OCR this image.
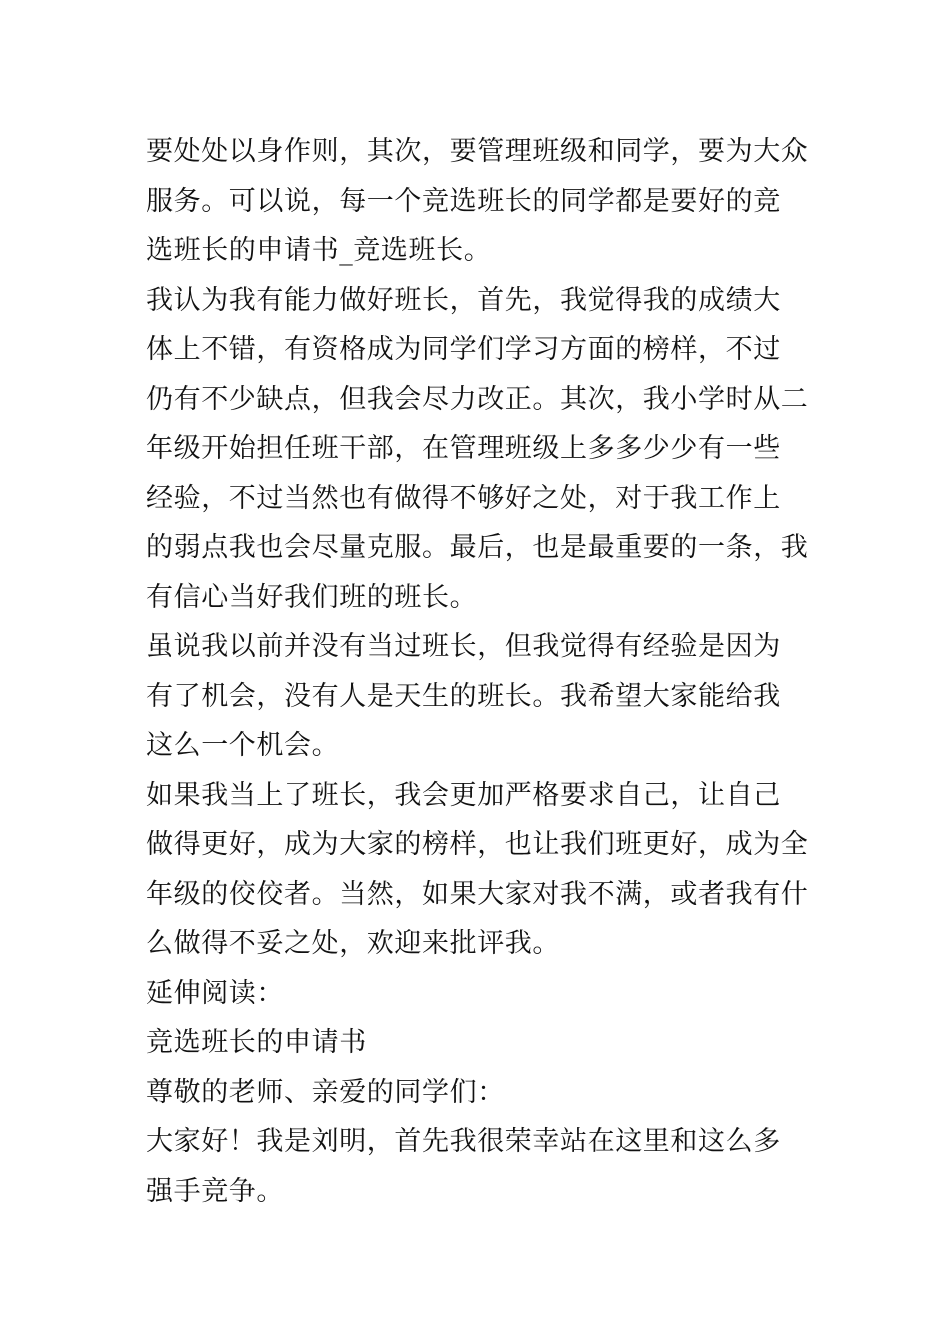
要处处以身作则，其次，要管理班级和同学，要为大众
服务。可以说，每一个竞选班长的同学都是要好的竞
选班长的申请书_竞选班长。
我认为我有能力做好班长，首先，我觉得我的成绩大
体上不错，有资格成为同学们学习方面的榜样，不过
仍有不少缺点，但我会尽力改正。其次，我小学时从二
年级开始担任班干部，在管理班级上多多少少有一些
经验，不过当然也有做得不够好之处，对于我工作上
的弱点我也会尽量克服。最后，也是最重要的一条，我
有信心当好我们班的班长。
虽说我以前并没有当过班长，但我觉得有经验是因为
有了机会，没有人是天生的班长。我希望大家能给我
这么一个机会。
如果我当上了班长，我会更加严格要求自己，让自己
做得更好，成为大家的榜样，也让我们班更好，成为全
年级的佼佼者。当然，如果大家对我不满，或者我有什
么做得不妥之处，欢迎来批评我。
延伸阅读：
竞选班长的申请书
尊敬的老师、亲爱的同学们：
大家好！我是刘明，首先我很荣幸站在这里和这么多
强手竞争。
